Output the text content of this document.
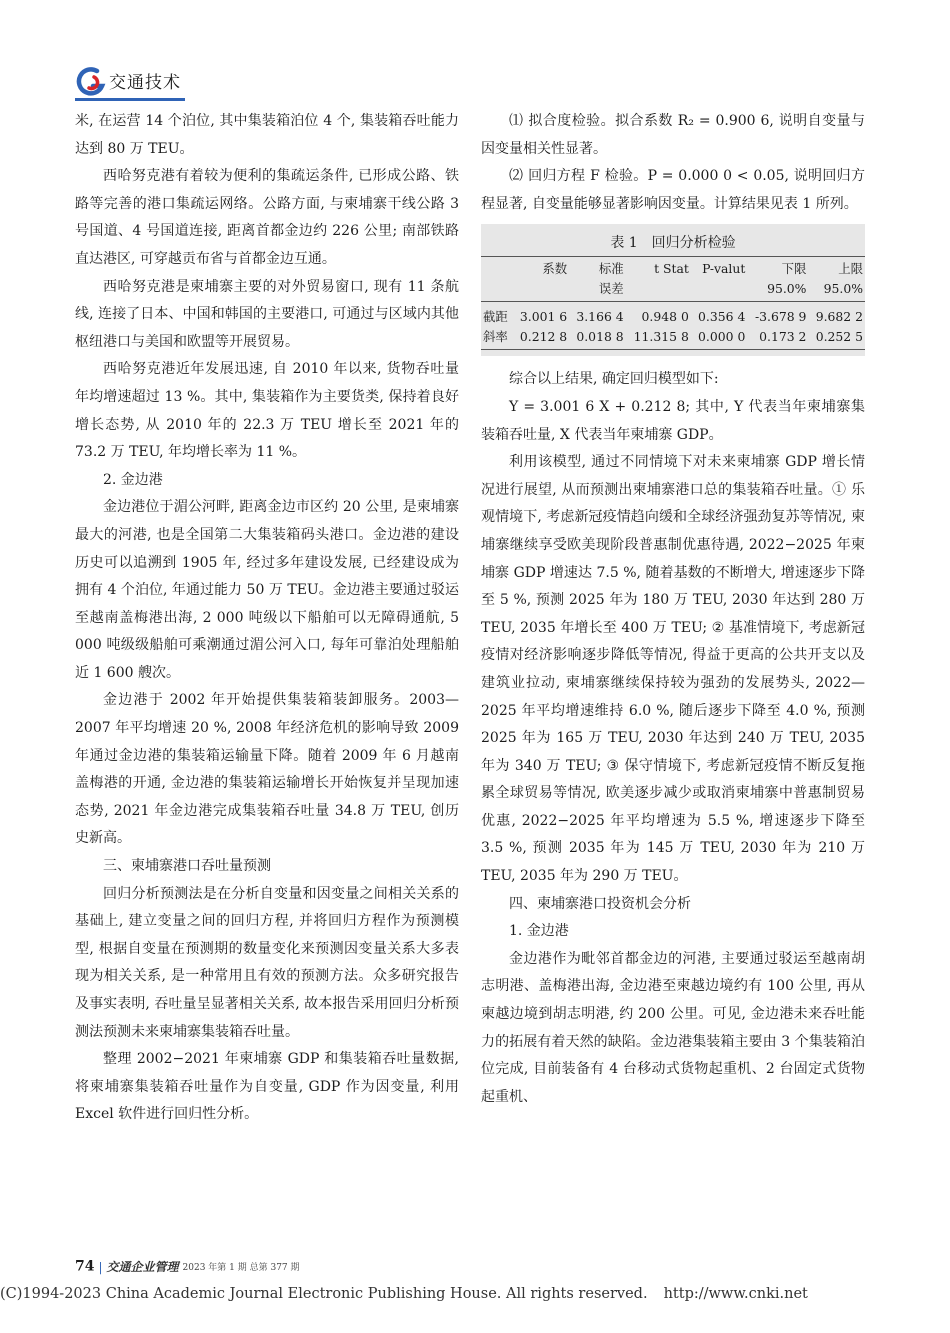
交通技术

米, 在运营 14 个泊位, 其中集装箱泊位 4 个, 集装箱吞吐能力达到 80 万 TEU。

西哈努克港有着较为便利的集疏运条件, 已形成公路、铁路等完善的港口集疏运网络。公路方面, 与柬埔寨干线公路 3 号国道、4 号国道连接, 距离首都金边约 226 公里; 南部铁路直达港区, 可穿越贡布省与首都金边互通。

西哈努克港是柬埔寨主要的对外贸易窗口, 现有 11 条航线, 连接了日本、中国和韩国的主要港口, 可通过与区域内其他枢纽港口与美国和欧盟等开展贸易。

西哈努克港近年发展迅速, 自 2010 年以来, 货物吞吐量年均增速超过 13 %。其中, 集装箱作为主要货类, 保持着良好增长态势, 从 2010 年的 22.3 万 TEU 增长至 2021 年的 73.2 万 TEU, 年均增长率为 11 %。

2. 金边港

金边港位于湄公河畔, 距离金边市区约 20 公里, 是柬埔寨最大的河港, 也是全国第二大集装箱码头港口。金边港的建设历史可以追溯到 1905 年, 经过多年建设发展, 已经建设成为拥有 4 个泊位, 年通过能力 50 万 TEU。金边港主要通过驳运至越南盖梅港出海, 2 000 吨级以下船舶可以无障碍通航, 5 000 吨级级船舶可乘潮通过湄公河入口, 每年可靠泊处理船舶近 1 600 艘次。

金边港于 2002 年开始提供集装箱装卸服务。2003—2007 年平均增速 20 %, 2008 年经济危机的影响导致 2009 年通过金边港的集装箱运输量下降。随着 2009 年 6 月越南盖梅港的开通, 金边港的集装箱运输增长开始恢复并呈现加速态势, 2021 年金边港完成集装箱吞吐量 34.8 万 TEU, 创历史新高。

三、柬埔寨港口吞吐量预测

回归分析预测法是在分析自变量和因变量之间相关关系的基础上, 建立变量之间的回归方程, 并将回归方程作为预测模型, 根据自变量在预测期的数量变化来预测因变量关系大多表现为相关关系, 是一种常用且有效的预测方法。众多研究报告及事实表明, 吞吐量呈显著相关关系, 故本报告采用回归分析预测法预测未来柬埔寨集装箱吞吐量。

整理 2002−2021 年柬埔寨 GDP 和集装箱吞吐量数据, 将柬埔寨集装箱吞吐量作为自变量, GDP 作为因变量, 利用 Excel 软件进行回归性分析。

⑴ 拟合度检验。拟合系数 R₂ = 0.900 6, 说明自变量与因变量相关性显著。

⑵ 回归方程 F 检验。P = 0.000 0 < 0.05, 说明回归方程显著, 自变量能够显著影响因变量。计算结果见表 1 所列。

表 1　回归分析检验
	系数	标准	t Stat	P-valut	下限	上限
		误差			95.0%	95.0%
截距	3.001 6	3.166 4	0.948 0	0.356 4	-3.678 9	9.682 2
斜率	0.212 8	0.018 8	11.315 8	0.000 0	0.173 2	0.252 5

综合以上结果, 确定回归模型如下:

Y = 3.001 6 X + 0.212 8; 其中, Y 代表当年柬埔寨集装箱吞吐量, X 代表当年柬埔寨 GDP。

利用该模型, 通过不同情境下对未来柬埔寨 GDP 增长情况进行展望, 从而预测出柬埔寨港口总的集装箱吞吐量。① 乐观情境下, 考虑新冠疫情趋向缓和全球经济强劲复苏等情况, 柬埔寨继续享受欧美现阶段普惠制优惠待遇, 2022−2025 年柬埔寨 GDP 增速达 7.5 %, 随着基数的不断增大, 增速逐步下降至 5 %, 预测 2025 年为 180 万 TEU, 2030 年达到 280 万 TEU, 2035 年增长至 400 万 TEU; ② 基准情境下, 考虑新冠疫情对经济影响逐步降低等情况, 得益于更高的公共开支以及建筑业拉动, 柬埔寨继续保持较为强劲的发展势头, 2022—2025 年平均增速维持 6.0 %, 随后逐步下降至 4.0 %, 预测 2025 年为 165 万 TEU, 2030 年达到 240 万 TEU, 2035 年为 340 万 TEU; ③ 保守情境下, 考虑新冠疫情不断反复拖累全球贸易等情况, 欧美逐步减少或取消柬埔寨中普惠制贸易优惠, 2022−2025 年平均增速为 5.5 %, 增速逐步下降至 3.5 %, 预测 2035 年为 145 万 TEU, 2030 年为 210 万 TEU, 2035 年为 290 万 TEU。

四、柬埔寨港口投资机会分析

1. 金边港

金边港作为毗邻首都金边的河港, 主要通过驳运至越南胡志明港、盖梅港出海, 金边港至柬越边境约有 100 公里, 再从柬越边境到胡志明港, 约 200 公里。可见, 金边港未来吞吐能力的拓展有着天然的缺陷。金边港集装箱主要由 3 个集装箱泊位完成, 目前装备有 4 台移动式货物起重机、2 台固定式货物起重机、

74 | 交通企业管理 2023 年第 1 期 总第 377 期
(C)1994-2023 China Academic Journal Electronic Publishing House. All rights reserved. http://www.cnki.net
